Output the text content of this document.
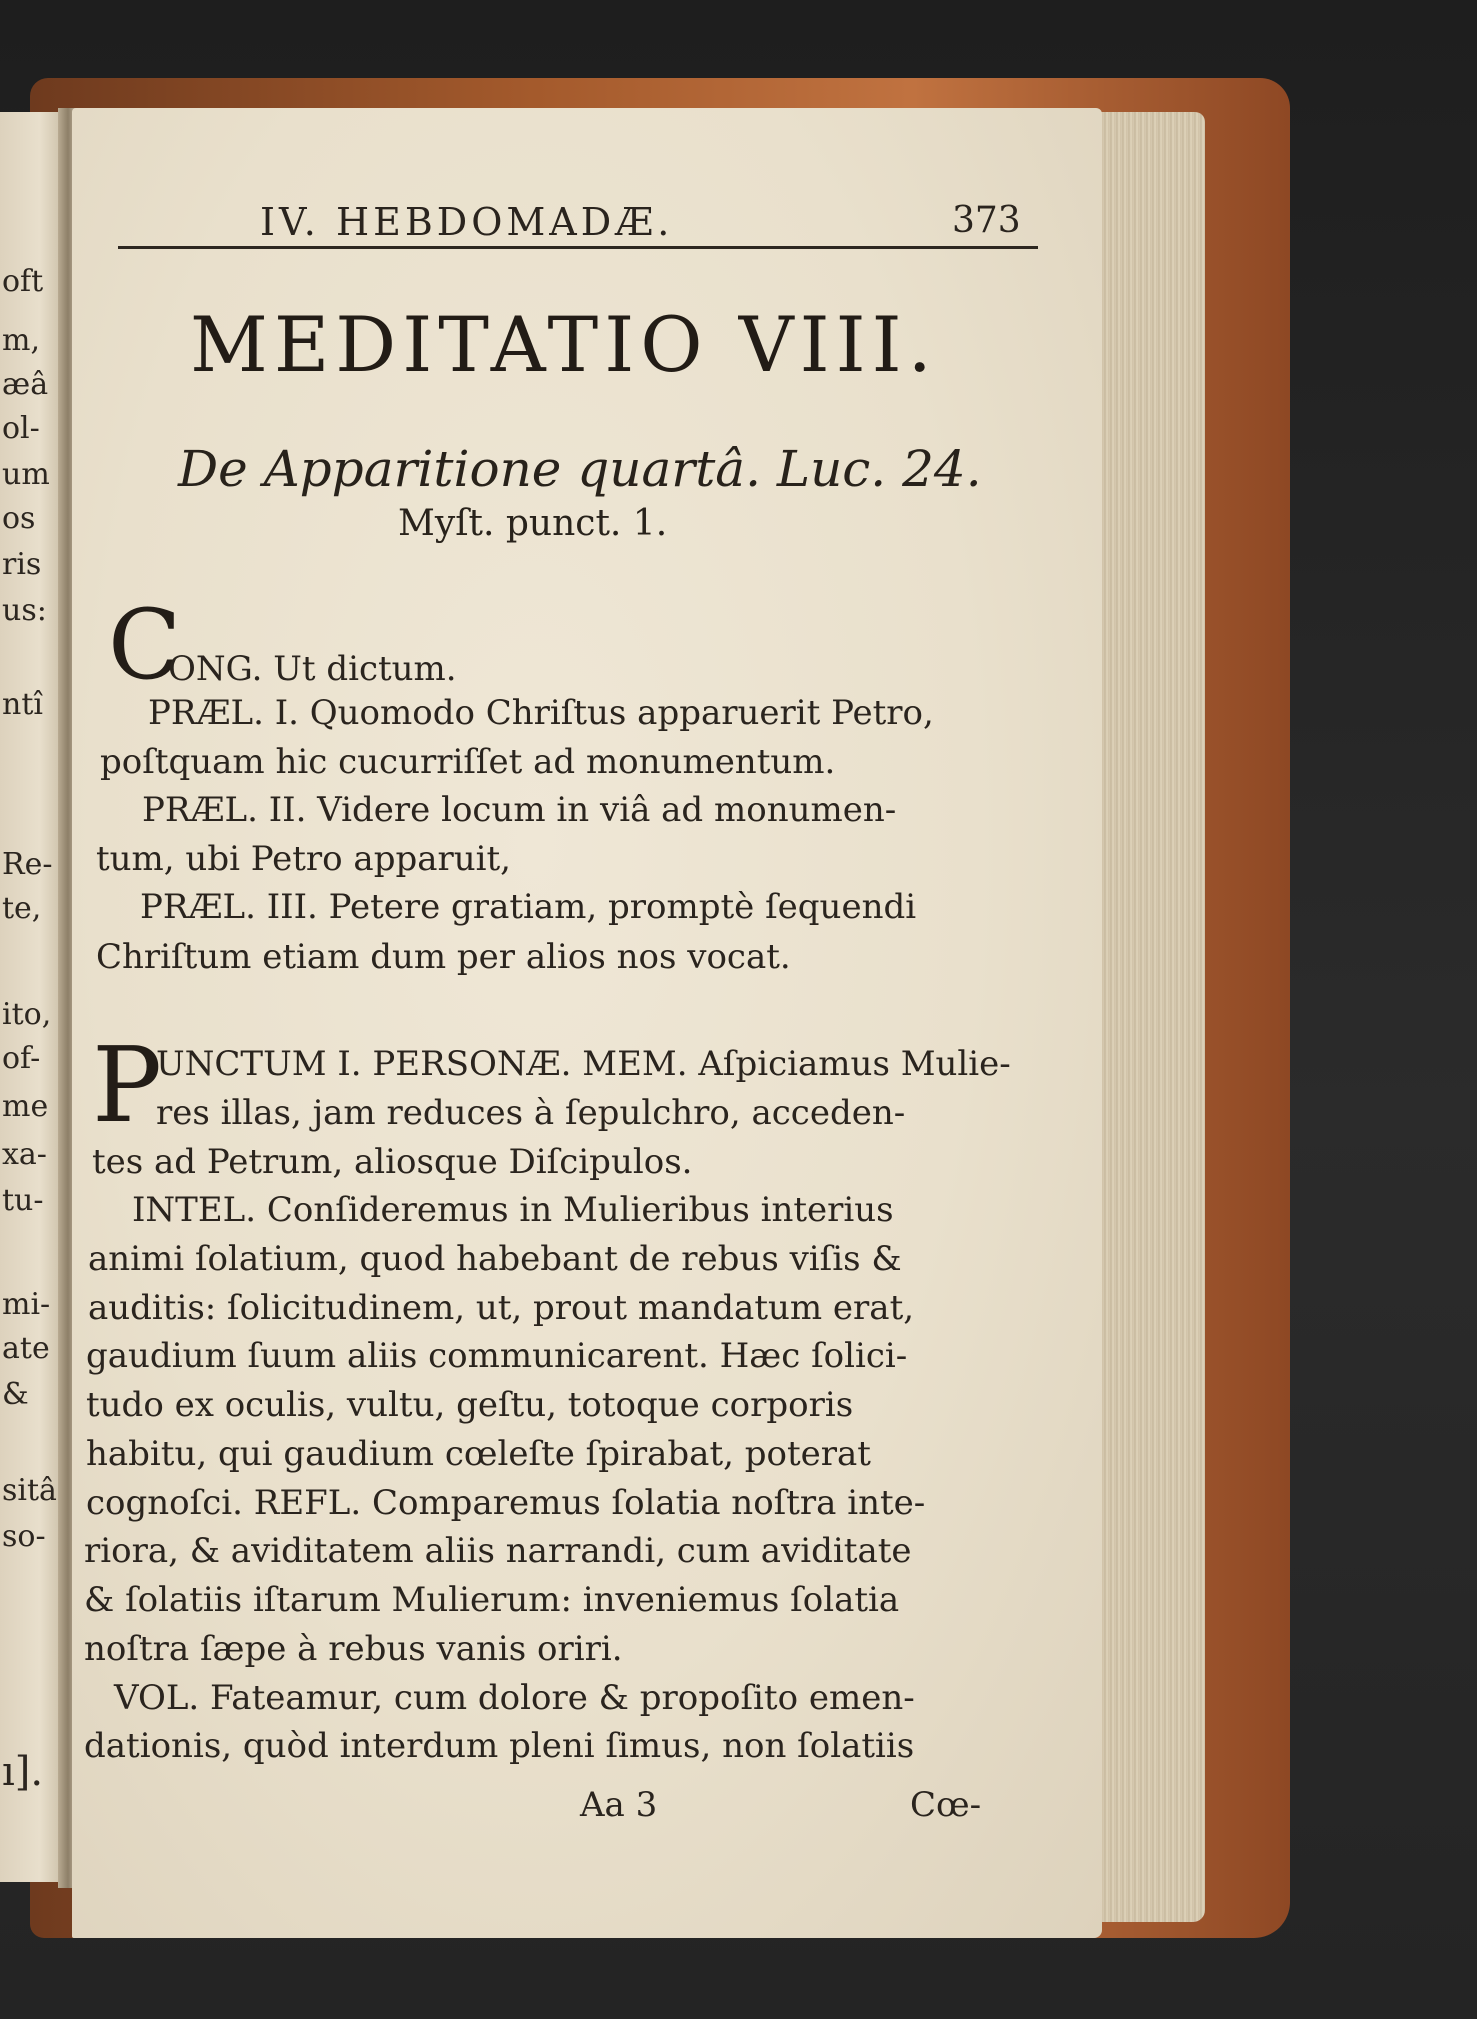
oft
m,
æâ
ol-
um
os
ris
us:
ntî
Re-
te,
ito,
of-
me
xa-
tu-
mi-
ate
&
sitâ
so-
ı].
IV. HEBDOMADÆ.	373
MEDITATIO VIII.
De Apparitione quartâ. Luc. 24.
Myſt. punct. 1.
C
ONG. Ut dictum.
PRÆL. I. Quomodo Chriſtus apparuerit Petro,
poſtquam hic cucurriſſet ad monumentum.
PRÆL. II. Videre locum in viâ ad monumen-
tum, ubi Petro apparuit,
PRÆL. III. Petere gratiam, promptè ſequendi
Chriſtum etiam dum per alios nos vocat.
P
UNCTUM I. PERSONÆ. MEM. Aſpiciamus Mulie-
res illas, jam reduces à ſepulchro, acceden-
tes ad Petrum, aliosque Diſcipulos.
INTEL. Conſideremus in Mulieribus interius
animi ſolatium, quod habebant de rebus viſis &
auditis: ſolicitudinem, ut, prout mandatum erat,
gaudium ſuum aliis communicarent. Hæc ſolici-
tudo ex oculis, vultu, geſtu, totoque corporis
habitu, qui gaudium cœleſte ſpirabat, poterat
cognoſci. REFL. Comparemus ſolatia noſtra inte-
riora, & aviditatem aliis narrandi, cum aviditate
& ſolatiis iſtarum Mulierum: inveniemus ſolatia
noſtra ſæpe à rebus vanis oriri.
VOL. Fateamur, cum dolore & propoſito emen-
dationis, quòd interdum pleni ſimus, non ſolatiis
Aa 3	Cœ-
